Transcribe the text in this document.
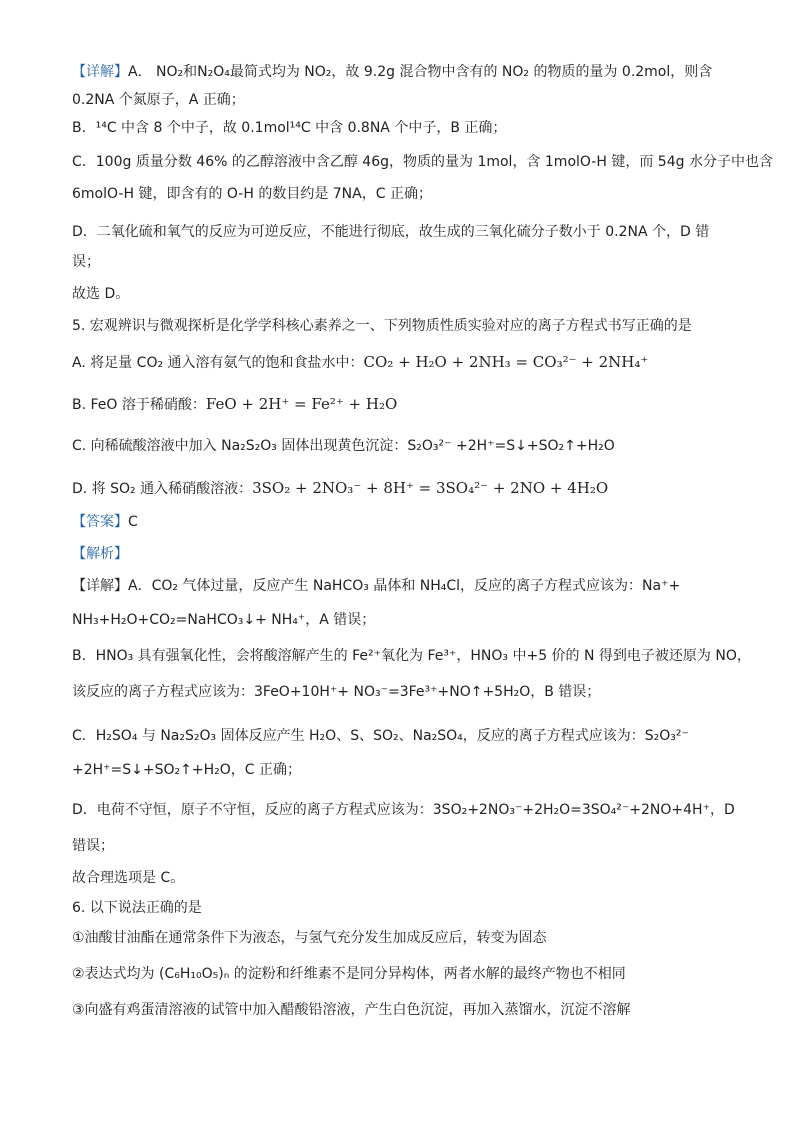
【详解】A． NO₂和N₂O₄最简式均为 NO₂，故 9.2g 混合物中含有的 NO₂ 的物质的量为 0.2mol，则含
0.2NA 个氮原子，A 正确；
B．¹⁴C 中含 8 个中子，故 0.1mol¹⁴C 中含 0.8NA 个中子，B 正确；
C．100g 质量分数 46% 的乙醇溶液中含乙醇 46g，物质的量为 1mol，含 1molO-H 键，而 54g 水分子中也含
6molO-H 键，即含有的 O-H 的数目约是 7NA，C 正确；
D．二氧化硫和氧气的反应为可逆反应，不能进行彻底，故生成的三氧化硫分子数小于 0.2NA 个，D 错
误；
故选 D。
5. 宏观辨识与微观探析是化学学科核心素养之一、下列物质性质实验对应的离子方程式书写正确的是
A. 将足量 CO₂ 通入溶有氨气的饱和食盐水中：CO₂ + H₂O + 2NH₃ = CO₃²⁻ + 2NH₄⁺
B. FeO 溶于稀硝酸：FeO + 2H⁺ = Fe²⁺ + H₂O
C. 向稀硫酸溶液中加入 Na₂S₂O₃ 固体出现黄色沉淀：S₂O₃²⁻ +2H⁺=S↓+SO₂↑+H₂O
D. 将 SO₂ 通入稀硝酸溶液：3SO₂ + 2NO₃⁻ + 8H⁺ = 3SO₄²⁻ + 2NO + 4H₂O
【答案】C
【解析】
【详解】A．CO₂ 气体过量，反应产生 NaHCO₃ 晶体和 NH₄Cl，反应的离子方程式应该为：Na⁺+
NH₃+H₂O+CO₂=NaHCO₃↓+ NH₄⁺，A 错误；
B．HNO₃ 具有强氧化性，会将酸溶解产生的 Fe²⁺氧化为 Fe³⁺，HNO₃ 中+5 价的 N 得到电子被还原为 NO，
该反应的离子方程式应该为：3FeO+10H⁺+ NO₃⁻=3Fe³⁺+NO↑+5H₂O，B 错误；
C．H₂SO₄ 与 Na₂S₂O₃ 固体反应产生 H₂O、S、SO₂、Na₂SO₄，反应的离子方程式应该为：S₂O₃²⁻
+2H⁺=S↓+SO₂↑+H₂O，C 正确；
D．电荷不守恒，原子不守恒，反应的离子方程式应该为：3SO₂+2NO₃⁻+2H₂O=3SO₄²⁻+2NO+4H⁺，D
错误；
故合理选项是 C。
6. 以下说法正确的是
①油酸甘油酯在通常条件下为液态，与氢气充分发生加成反应后，转变为固态
②表达式均为 (C₆H₁₀O₅)ₙ 的淀粉和纤维素不是同分异构体，两者水解的最终产物也不相同
③向盛有鸡蛋清溶液的试管中加入醋酸铅溶液，产生白色沉淀，再加入蒸馏水，沉淀不溶解
